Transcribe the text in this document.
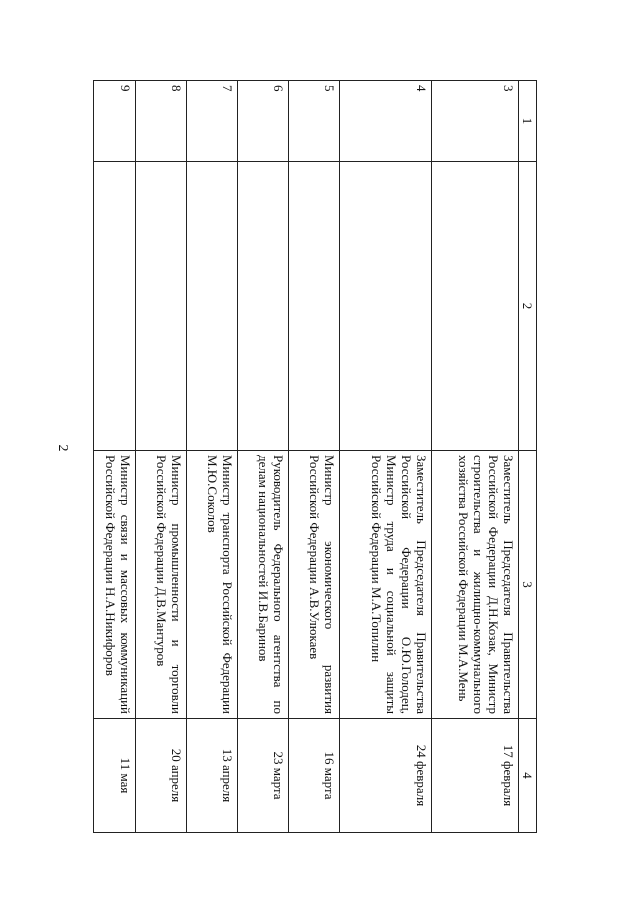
2
1	2	3	4
3		Заместитель Председателя Правительства Российской Федерации Д.Н.Козак, Министр строительства и жилищно-коммунального хозяйства Российской Федерации М.А.Мень	17 февраля
4		Заместитель Председателя Правительства Российской Федерации О.Ю.Голодец, Министр труда и социальной защиты Российской Федерации М.А.Топилин	24 февраля
5		Министр экономического развития Российской Федерации А.В.Улюкаев	16 марта
6		Руководитель Федерального агентства по делам национальностей И.В.Баринов	23 марта
7		Министр транспорта Российской Федерации М.Ю.Соколов	13 апреля
8		Министр промышленности и торговли Российской Федерации Д.В.Мантуров	20 апреля
9		Министр связи и массовых коммуникаций Российской Федерации Н.А.Никифоров	11 мая
